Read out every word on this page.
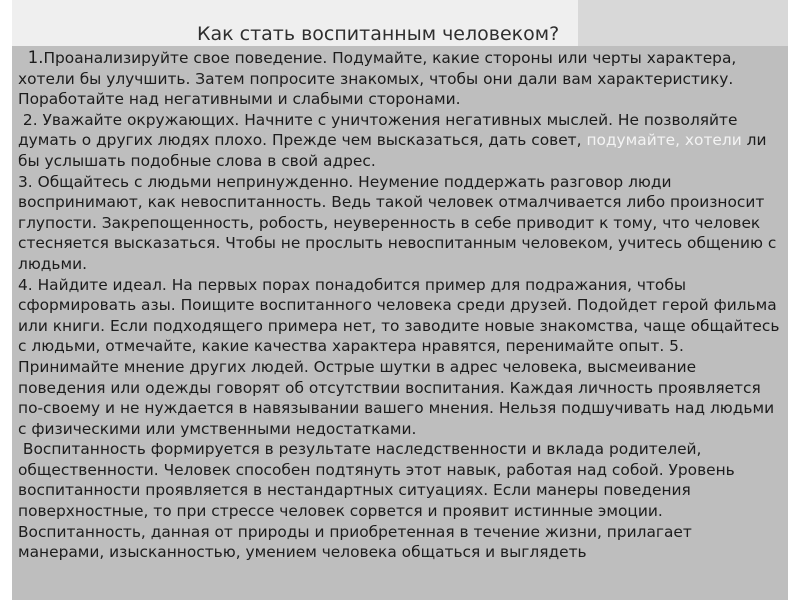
Как стать воспитанным человеком?

1.Проанализируйте свое поведение. Подумайте, какие стороны или черты характера, хотели бы улучшить. Затем попросите знакомых, чтобы они дали вам характеристику. Поработайте над негативными и слабыми сторонами.

2. Уважайте окружающих. Начните с уничтожения негативных мыслей. Не позволяйте думать о других людях плохо. Прежде чем высказаться, дать совет, подумайте, хотели ли бы услышать подобные слова в свой адрес.

3. Общайтесь с людьми непринужденно. Неумение поддержать разговор люди воспринимают, как невоспитанность. Ведь такой человек отмалчивается либо произносит глупости. Закрепощенность, робость, неуверенность в себе приводит к тому, что человек стесняется высказаться. Чтобы не прослыть невоспитанным человеком, учитесь общению с людьми.

4. Найдите идеал. На первых порах понадобится пример для подражания, чтобы сформировать азы. Поищите воспитанного человека среди друзей. Подойдет герой фильма или книги. Если подходящего примера нет, то заводите новые знакомства, чаще общайтесь с людьми, отмечайте, какие качества характера нравятся, перенимайте опыт. 5. Принимайте мнение других людей. Острые шутки в адрес человека, высмеивание поведения или одежды говорят об отсутствии воспитания. Каждая личность проявляется по-своему и не нуждается в навязывании вашего мнения. Нельзя подшучивать над людьми с физическими или умственными недостатками.

Воспитанность формируется в результате наследственности и вклада родителей, общественности. Человек способен подтянуть этот навык, работая над собой. Уровень воспитанности проявляется в нестандартных ситуациях. Если манеры поведения поверхностные, то при стрессе человек сорвется и проявит истинные эмоции. Воспитанность, данная от природы и приобретенная в течение жизни, прилагает манерами, изысканностью, умением человека общаться и выглядеть
